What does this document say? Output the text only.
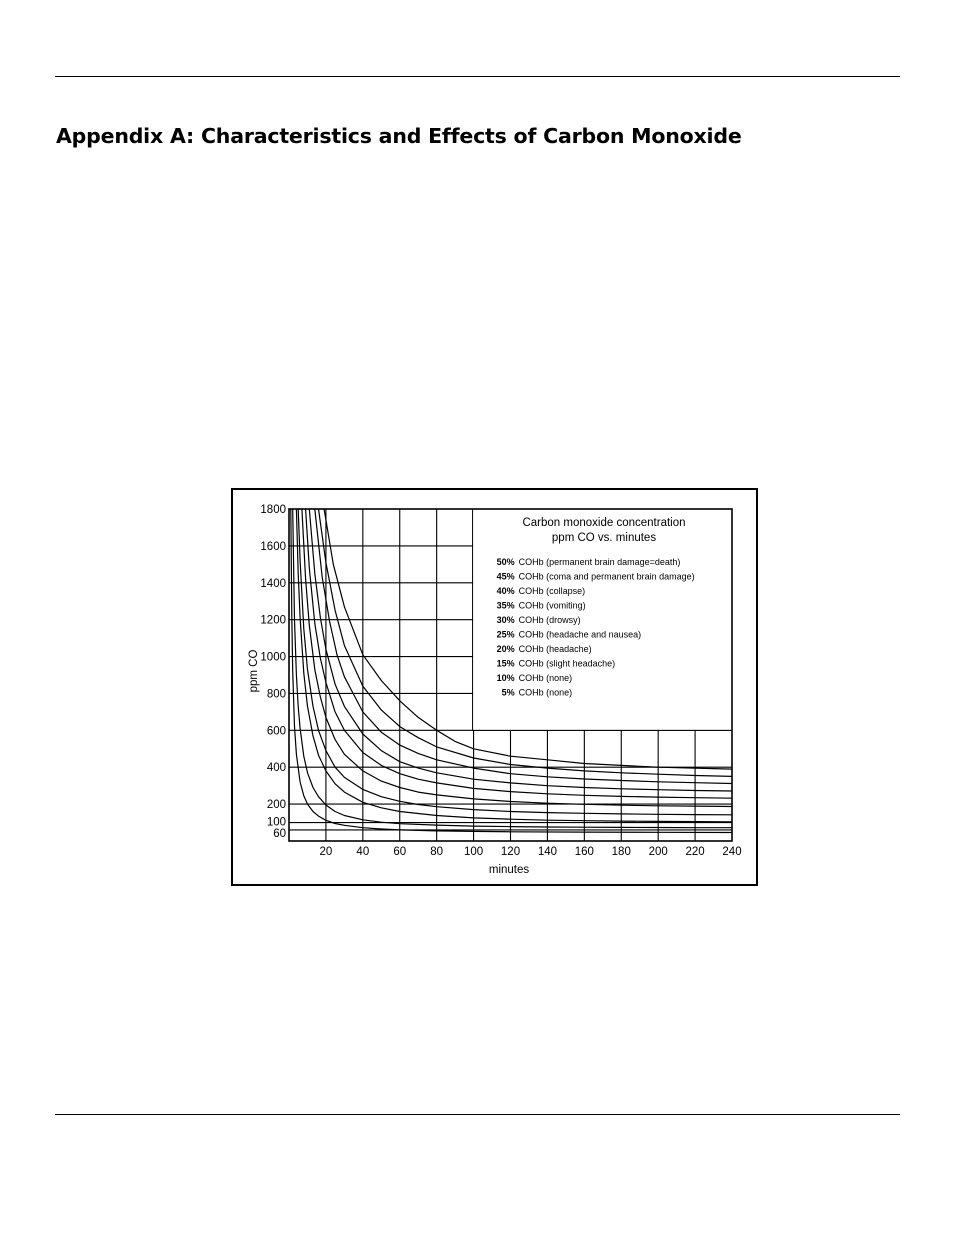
Appendix A: Characteristics and Effects of Carbon Monoxide
Carbon monoxide concentration
ppm CO vs. minutes
50% COHb (permanent brain damage=death)
45% COHb (coma and permanent brain damage)
40% COHb (collapse)
35% COHb (vomiting)
30% COHb (drowsy)
25% COHb (headache and nausea)
20% COHb (headache)
15% COHb (slight headache)
10% COHb (none)
5% COHb (none)
20 40 60 80 100 120 140 160 180 200 220 240
60
100
200
400
600
800
1000
1200
1400
1600
1800
minutes
ppm CO
